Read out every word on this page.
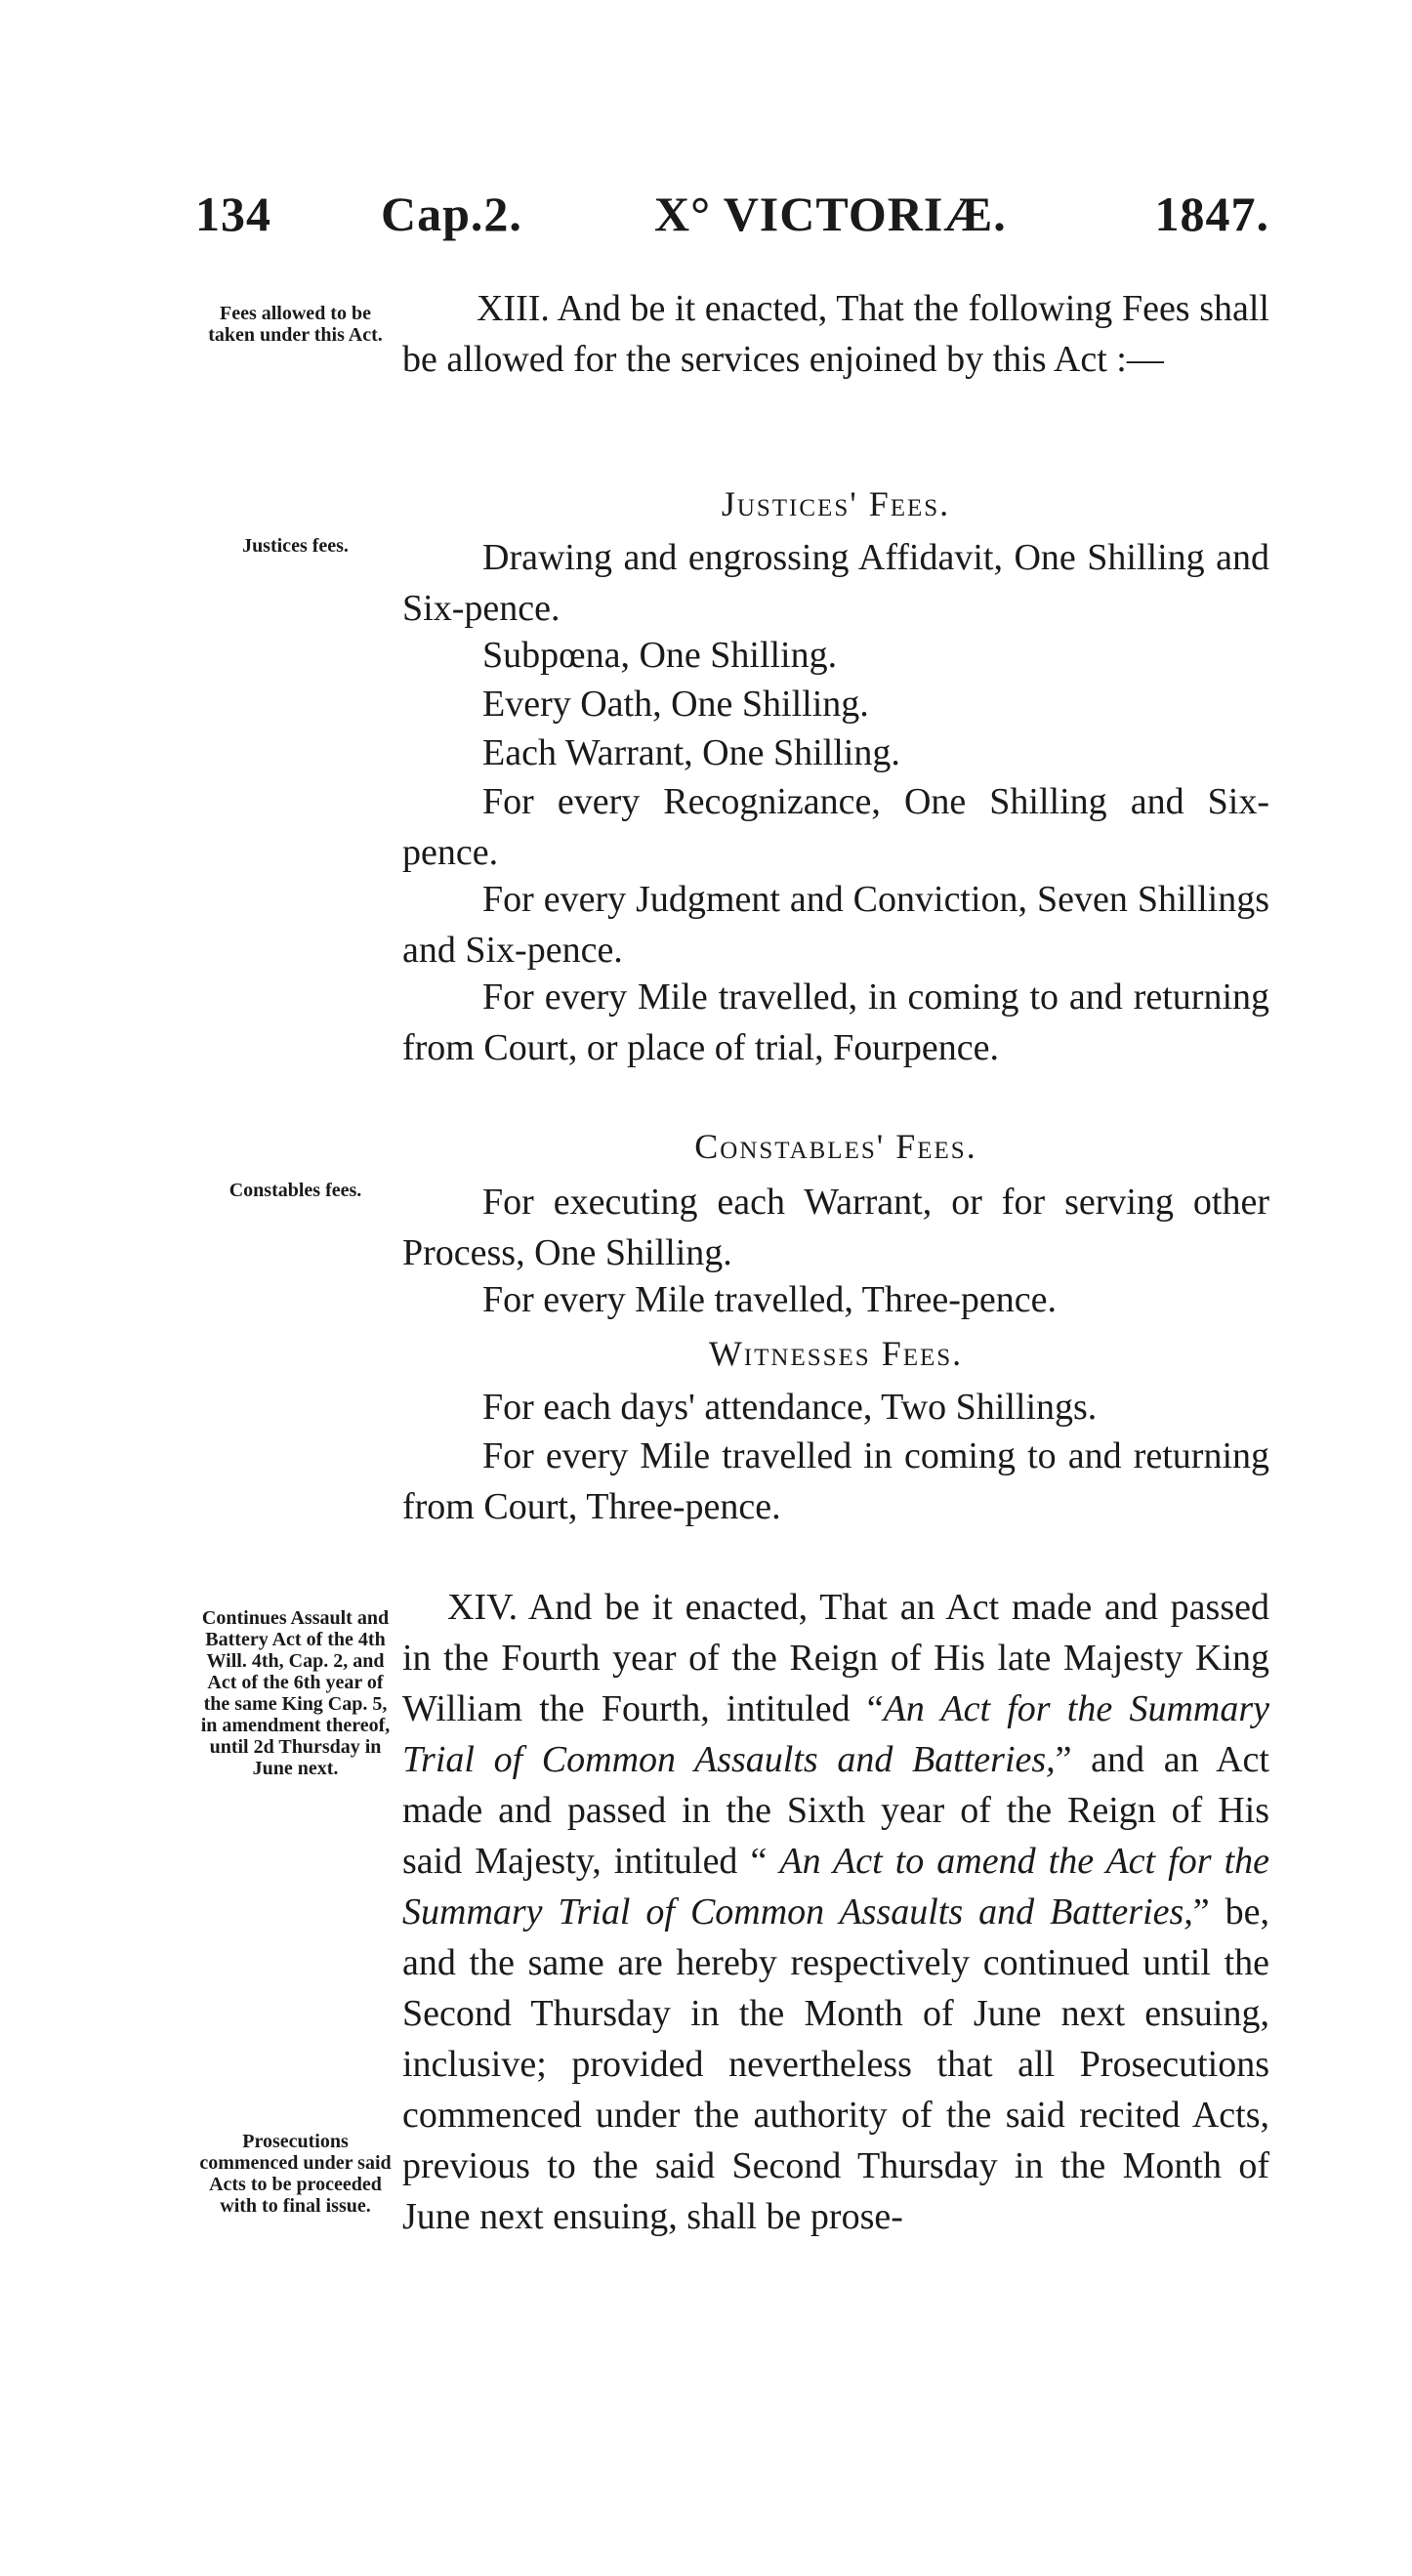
134 Cap.2.	X° VICTORIÆ.	1847.
Fees allowed to be taken under this Act.
Justices fees.
Constables fees.
Continues Assault and Battery Act of the 4th Will. 4th, Cap. 2, and Act of the 6th year of the same King Cap. 5, in amendment thereof, until 2d Thursday in June next.
Prosecutions commenced under said Acts to be proceeded with to final issue.
XIII. And be it enacted, That the following Fees shall be allowed for the services enjoined by this Act :—
Justices' Fees.
Drawing and engrossing Affidavit, One Shilling and Six-pence.
Subpœna, One Shilling.
Every Oath, One Shilling.
Each Warrant, One Shilling.
For every Recognizance, One Shilling and Six-pence.
For every Judgment and Conviction, Seven Shillings and Six-pence.
For every Mile travelled, in coming to and returning from Court, or place of trial, Fourpence.
Constables' Fees.
For executing each Warrant, or for serving other Process, One Shilling.
For every Mile travelled, Three-pence.
Witnesses Fees.
For each days' attendance, Two Shillings.
For every Mile travelled in coming to and returning from Court, Three-pence.
XIV. And be it enacted, That an Act made and passed in the Fourth year of the Reign of His late Majesty King William the Fourth, intituled “An Act for the Summary Trial of Common Assaults and Batteries,” and an Act made and passed in the Sixth year of the Reign of His said Majesty, intituled “ An Act to amend the Act for the Summary Trial of Common Assaults and Batteries,” be, and the same are hereby respectively continued until the Second Thursday in the Month of June next ensuing, inclusive; provided nevertheless that all Prosecutions commenced under the authority of the said recited Acts, previous to the said Second Thursday in the Month of June next ensuing, shall be prose-
